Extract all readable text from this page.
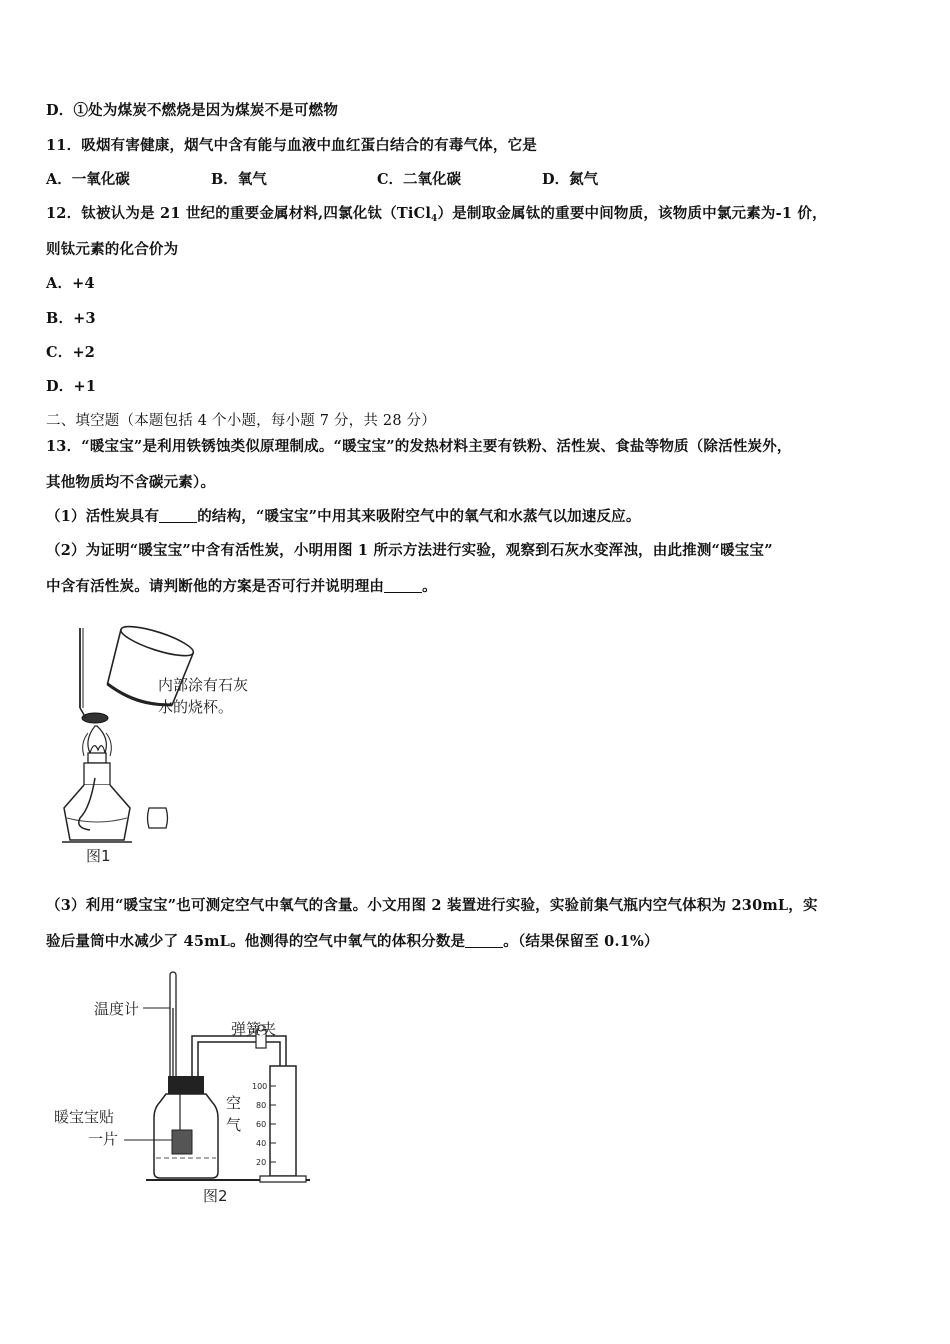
D．①处为煤炭不燃烧是因为煤炭不是可燃物
11．吸烟有害健康，烟气中含有能与血液中血红蛋白结合的有毒气体，它是
A．一氧化碳	B．氧气	C．二氧化碳	D．氮气
12．钛被认为是 21 世纪的重要金属材料,四氯化钛（TiCl$_4$）是制取金属钛的重要中间物质，该物质中氯元素为-1 价，
则钛元素的化合价为
A．+4
B．+3
C．+2
D．+1
二、填空题（本题包括 4 个小题，每小题 7 分，共 28 分）
13．“暖宝宝”是利用铁锈蚀类似原理制成。“暖宝宝”的发热材料主要有铁粉、活性炭、食盐等物质（除活性炭外，
其他物质均不含碳元素）。
（1）活性炭具有	的结构，“暖宝宝”中用其来吸附空气中的氧气和水蒸气以加速反应。
（2）为证明“暖宝宝”中含有活性炭，小明用图 1 所示方法进行实验，观察到石灰水变浑浊，由此推测“暖宝宝”
中含有活性炭。请判断他的方案是否可行并说明理由	。
内部涂有石灰
水的烧杯。
图1
（3）利用“暖宝宝”也可测定空气中氧气的含量。小文用图 2 装置进行实验，实验前集气瓶内空气体积为 230mL，实
验后量筒中水减少了 45mL。他测得的空气中氧气的体积分数是	。（结果保留至 0.1%）
温度计
弹簧夹
100
80
60
40
20
空
气
暖宝宝贴
一片
图2
